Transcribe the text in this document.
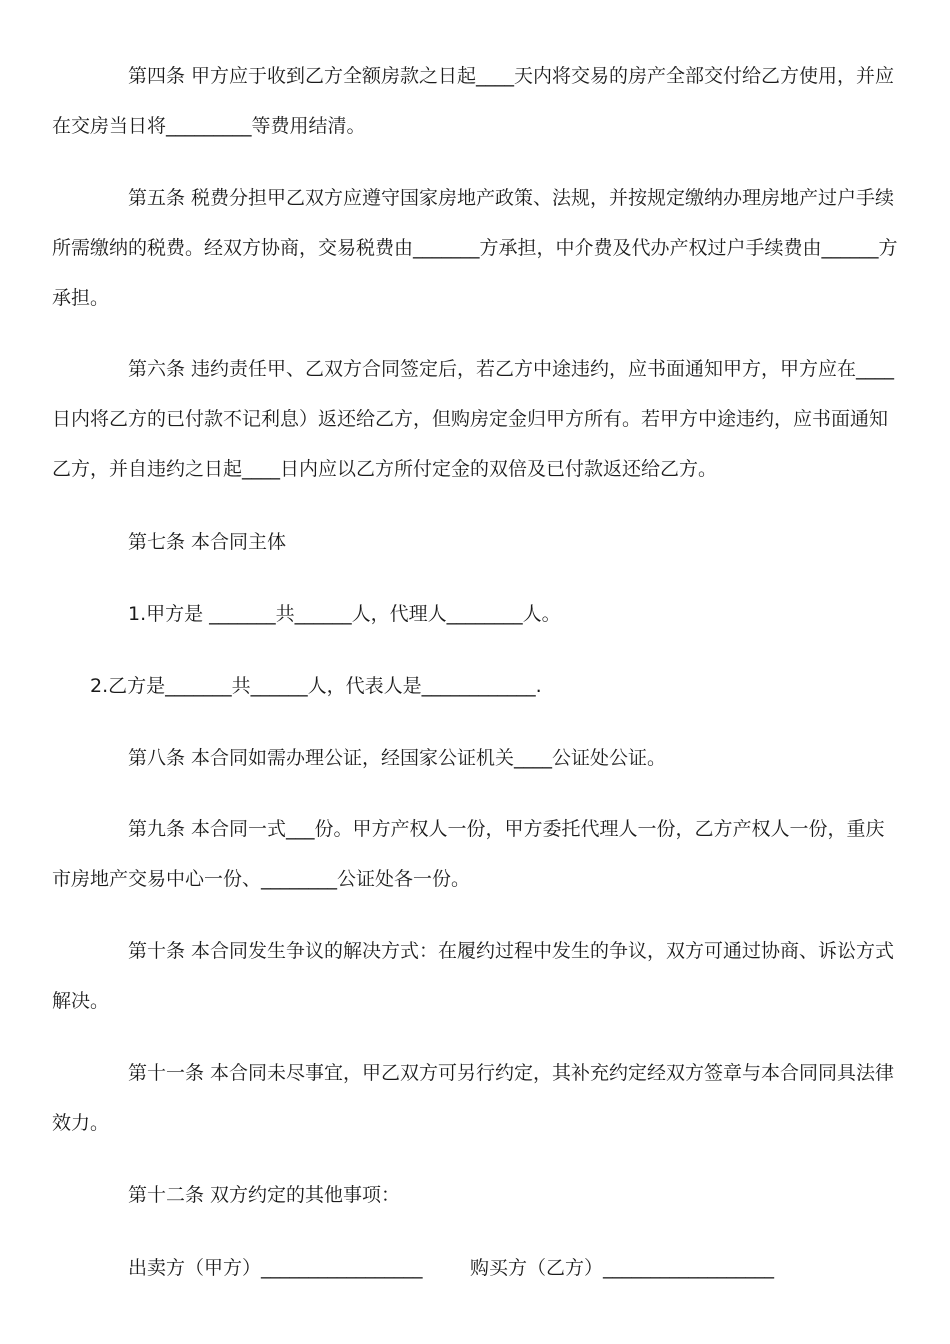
第四条 甲方应于收到乙方全额房款之日起____天内将交易的房产全部交付给乙方使用，并应在交房当日将_________等费用结清。

第五条 税费分担甲乙双方应遵守国家房地产政策、法规，并按规定缴纳办理房地产过户手续所需缴纳的税费。经双方协商，交易税费由_______方承担，中介费及代办产权过户手续费由______方承担。

第六条 违约责任甲、乙双方合同签定后，若乙方中途违约，应书面通知甲方，甲方应在____日内将乙方的已付款不记利息）返还给乙方，但购房定金归甲方所有。若甲方中途违约，应书面通知乙方，并自违约之日起____日内应以乙方所付定金的双倍及已付款返还给乙方。

第七条 本合同主体

1.甲方是 _______共______人，代理人________人。

2.乙方是_______共______人，代表人是____________.

第八条 本合同如需办理公证，经国家公证机关____公证处公证。

第九条 本合同一式___份。甲方产权人一份，甲方委托代理人一份，乙方产权人一份，重庆市房地产交易中心一份、________公证处各一份。

第十条 本合同发生争议的解决方式：在履约过程中发生的争议，双方可通过协商、诉讼方式解决。

第十一条 本合同未尽事宜，甲乙双方可另行约定，其补充约定经双方签章与本合同同具法律效力。

第十二条 双方约定的其他事项：

出卖方（甲方）_________________ 购买方（乙方）__________________
